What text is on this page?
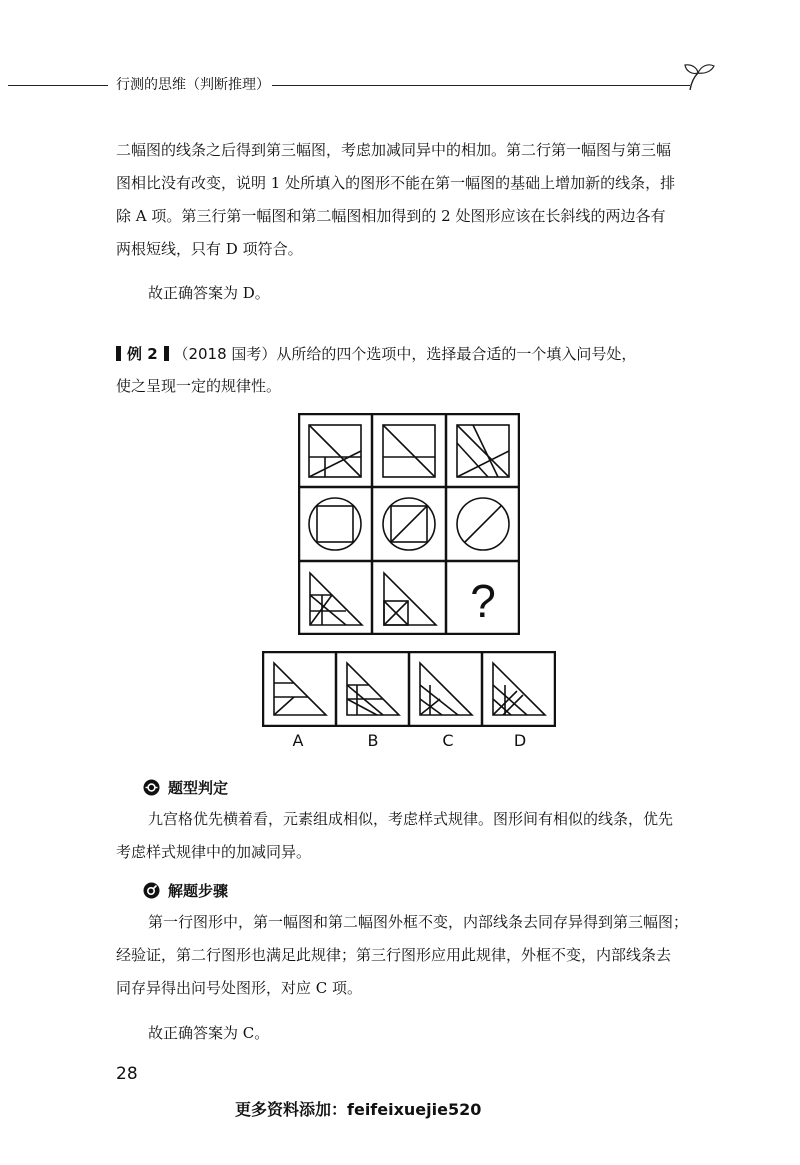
行测的思维（判断推理）
二幅图的线条之后得到第三幅图，考虑加减同异中的相加。第二行第一幅图与第三幅
图相比没有改变，说明 1 处所填入的图形不能在第一幅图的基础上增加新的线条，排
除 A 项。第三行第一幅图和第二幅图相加得到的 2 处图形应该在长斜线的两边各有
两根短线，只有 D 项符合。
故正确答案为 D。
例 2 （2018 国考）从所给的四个选项中，选择最合适的一个填入问号处，
使之呈现一定的规律性。
?
A	B	C	D
题型判定
九宫格优先横着看，元素组成相似，考虑样式规律。图形间有相似的线条，优先
考虑样式规律中的加减同异。
解题步骤
第一行图形中，第一幅图和第二幅图外框不变，内部线条去同存异得到第三幅图；
经验证，第二行图形也满足此规律；第三行图形应用此规律，外框不变，内部线条去
同存异得出问号处图形，对应 C 项。
故正确答案为 C。
28
更多资料添加：feifeixuejie520
